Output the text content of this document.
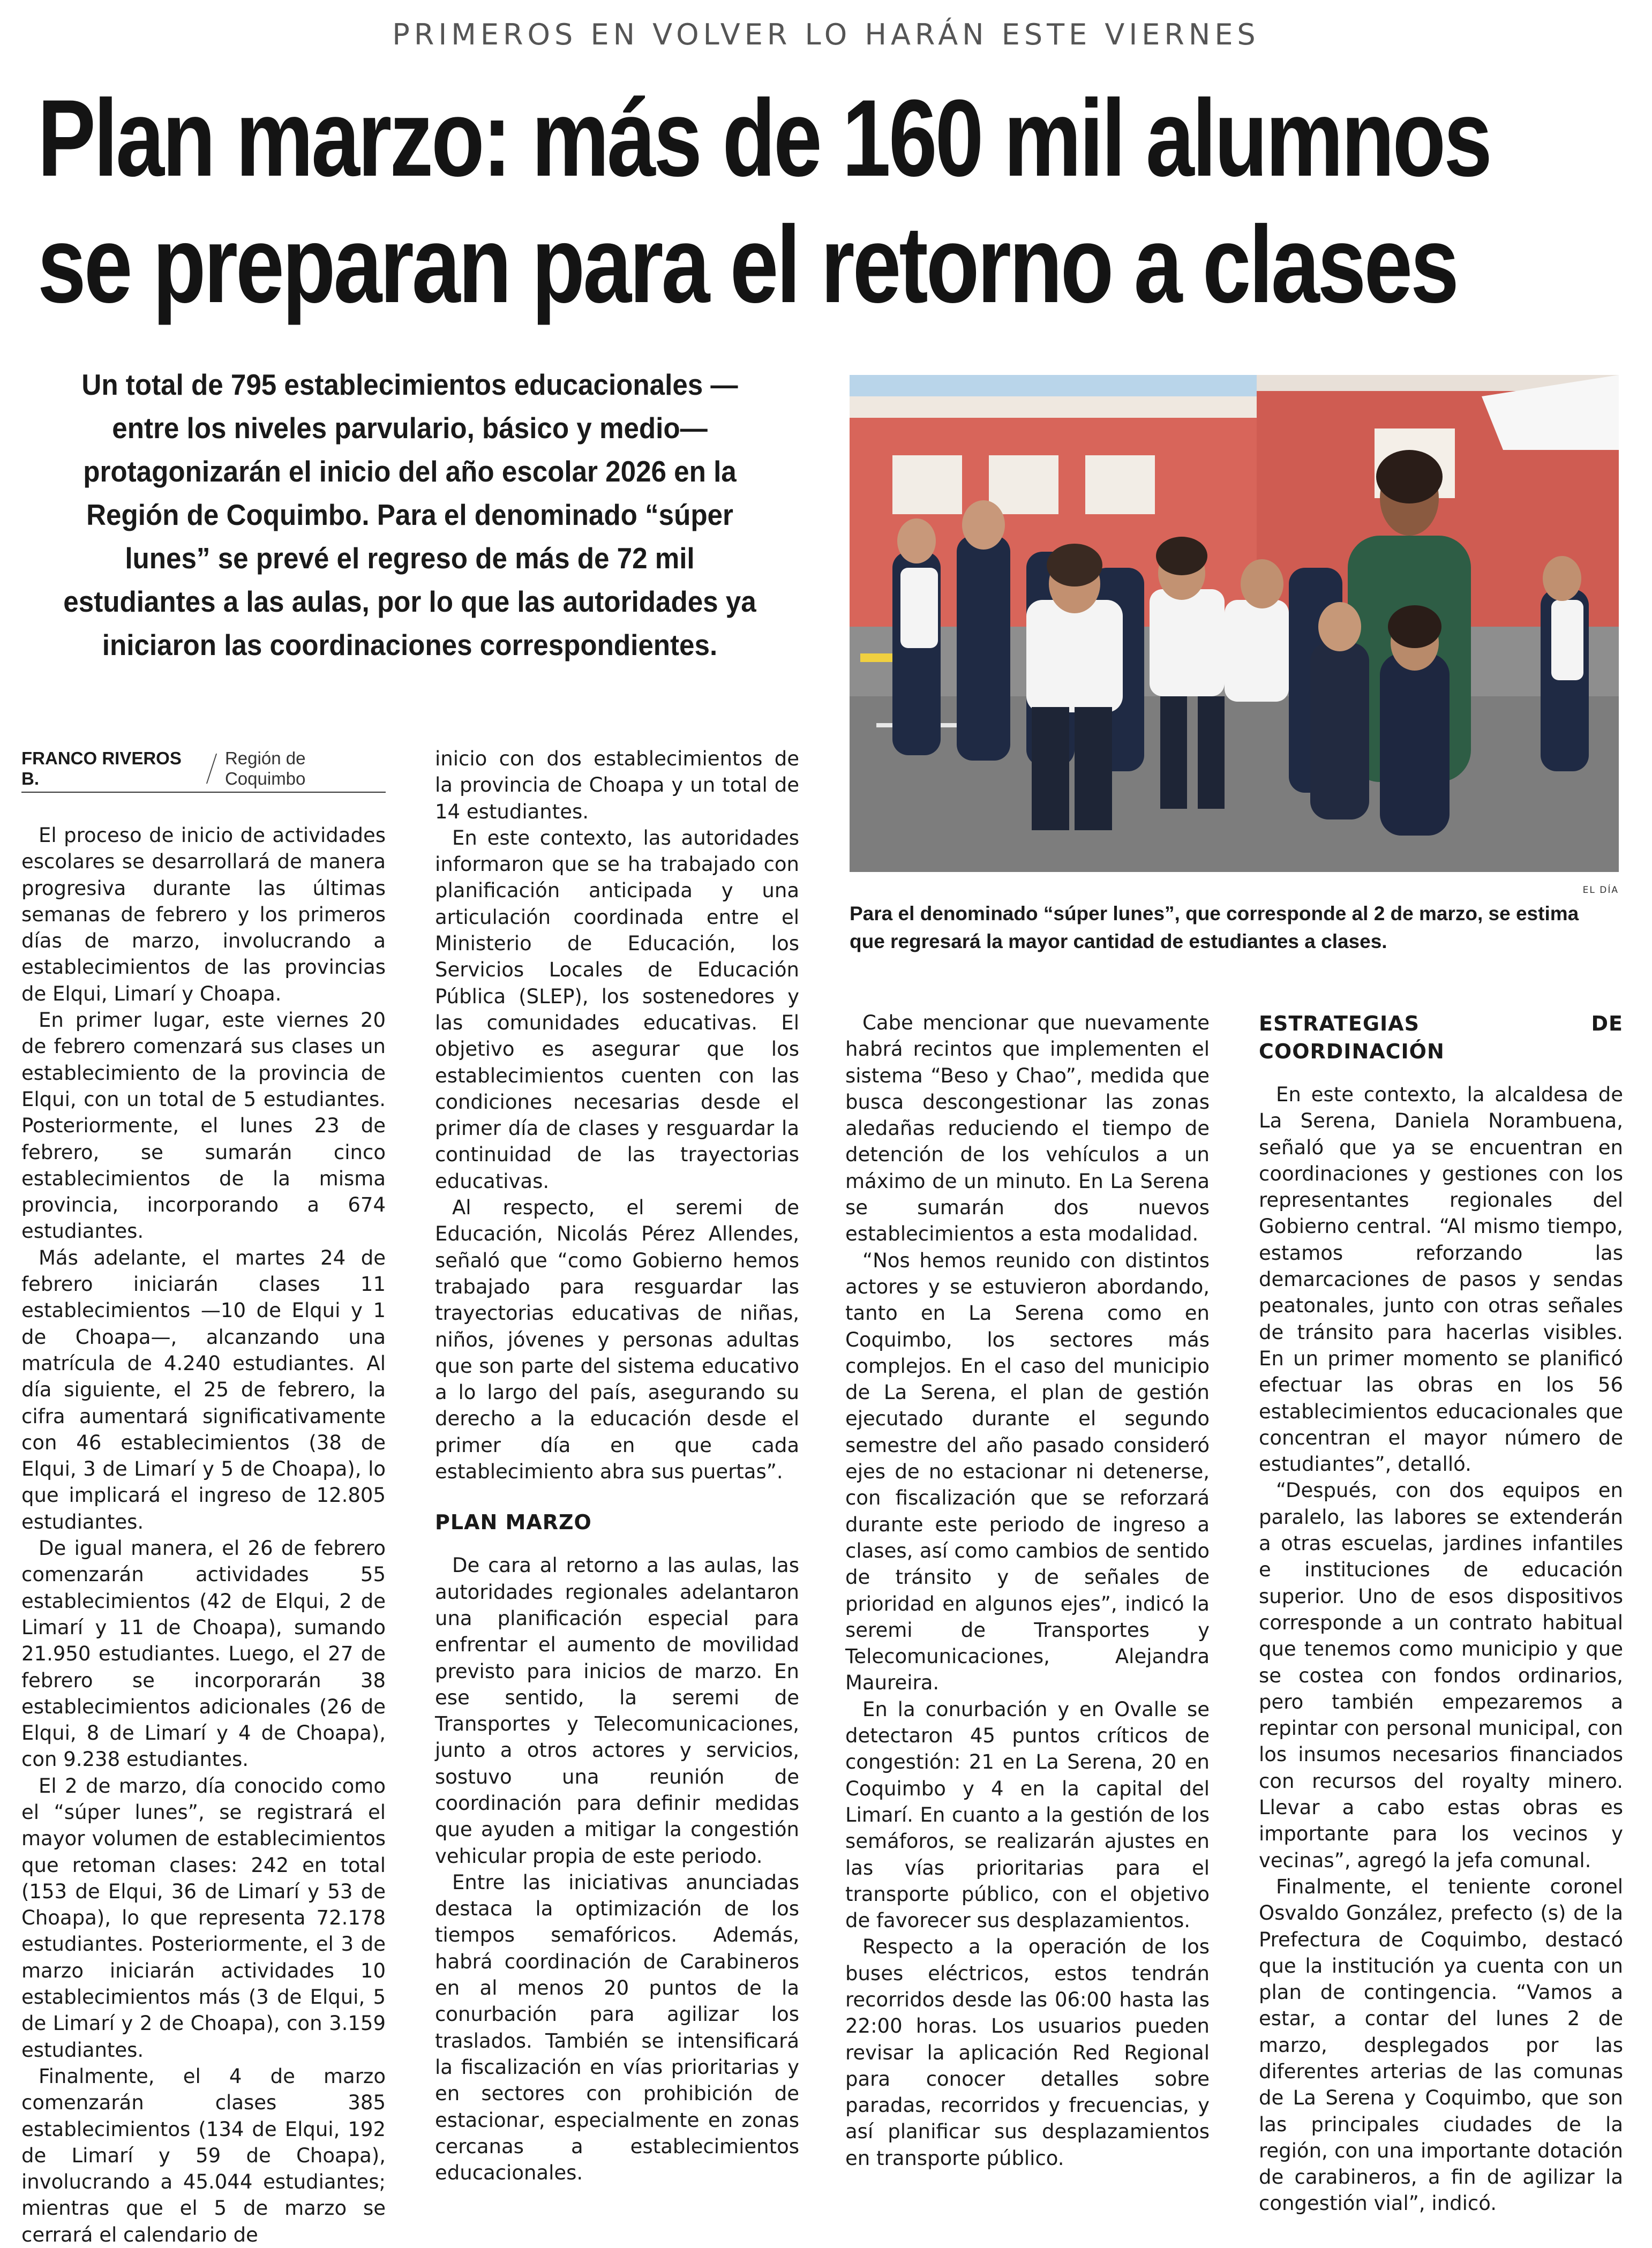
PRIMEROS EN VOLVER LO HARÁN ESTE VIERNES
Plan marzo: más de 160 mil alumnos
se preparan para el retorno a clases

Un total de 795 establecimientos educacionales —entre los niveles parvulario, básico y medio— protagonizarán el inicio del año escolar 2026 en la Región de Coquimbo. Para el denominado “súper lunes” se prevé el regreso de más de 72 mil estudiantes a las aulas, por lo que las autoridades ya iniciaron las coordinaciones correspondientes.

EL DÍA

Para el denominado “súper lunes”, que corresponde al 2 de marzo, se estima que regresará la mayor cantidad de estudiantes a clases.

FRANCO RIVEROS B.
Región de Coquimbo

El proceso de inicio de actividades escolares se desarrollará de manera progresiva durante las últimas semanas de febrero y los primeros días de marzo, involucrando a establecimientos de las provincias de Elqui, Limarí y Choapa.

En primer lugar, este viernes 20 de febrero comenzará sus clases un establecimiento de la provincia de Elqui, con un total de 5 estudiantes. Posteriormente, el lunes 23 de febrero, se sumarán cinco establecimientos de la misma provincia, incorporando a 674 estudiantes.

Más adelante, el martes 24 de febrero iniciarán clases 11 establecimientos —10 de Elqui y 1 de Choapa—, alcanzando una matrícula de 4.240 estudiantes. Al día siguiente, el 25 de febrero, la cifra aumentará significativamente con 46 establecimientos (38 de Elqui, 3 de Limarí y 5 de Choapa), lo que implicará el ingreso de 12.805 estudiantes.

De igual manera, el 26 de febrero comenzarán actividades 55 establecimientos (42 de Elqui, 2 de Limarí y 11 de Choapa), sumando 21.950 estudiantes. Luego, el 27 de febrero se incorporarán 38 establecimientos adicionales (26 de Elqui, 8 de Limarí y 4 de Choapa), con 9.238 estudiantes.

El 2 de marzo, día conocido como el “súper lunes”, se registrará el mayor volumen de establecimientos que retoman clases: 242 en total (153 de Elqui, 36 de Limarí y 53 de Choapa), lo que representa 72.178 estudiantes. Posteriormente, el 3 de marzo iniciarán actividades 10 establecimientos más (3 de Elqui, 5 de Limarí y 2 de Choapa), con 3.159 estudiantes.

Finalmente, el 4 de marzo comenzarán clases 385 establecimientos (134 de Elqui, 192 de Limarí y 59 de Choapa), involucrando a 45.044 estudiantes; mientras que el 5 de marzo se cerrará el calendario de

inicio con dos establecimientos de la provincia de Choapa y un total de 14 estudiantes.

En este contexto, las autoridades informaron que se ha trabajado con planificación anticipada y una articulación coordinada entre el Ministerio de Educación, los Servicios Locales de Educación Pública (SLEP), los sostenedores y las comunidades educativas. El objetivo es asegurar que los establecimientos cuenten con las condiciones necesarias desde el primer día de clases y resguardar la continuidad de las trayectorias educativas.

Al respecto, el seremi de Educación, Nicolás Pérez Allendes, señaló que “como Gobierno hemos trabajado para resguardar las trayectorias educativas de niñas, niños, jóvenes y personas adultas que son parte del sistema educativo a lo largo del país, asegurando su derecho a la educación desde el primer día en que cada establecimiento abra sus puertas”.

PLAN MARZO

De cara al retorno a las aulas, las autoridades regionales adelantaron una planificación especial para enfrentar el aumento de movilidad previsto para inicios de marzo. En ese sentido, la seremi de Transportes y Telecomunicaciones, junto a otros actores y servicios, sostuvo una reunión de coordinación para definir medidas que ayuden a mitigar la congestión vehicular propia de este periodo.

Entre las iniciativas anunciadas destaca la optimización de los tiempos semafóricos. Además, habrá coordinación de Carabineros en al menos 20 puntos de la conurbación para agilizar los traslados. También se intensificará la fiscalización en vías prioritarias y en sectores con prohibición de estacionar, especialmente en zonas cercanas a establecimientos educacionales.

Cabe mencionar que nuevamente habrá recintos que implementen el sistema “Beso y Chao”, medida que busca descongestionar las zonas aledañas reduciendo el tiempo de detención de los vehículos a un máximo de un minuto. En La Serena se sumarán dos nuevos establecimientos a esta modalidad.

“Nos hemos reunido con distintos actores y se estuvieron abordando, tanto en La Serena como en Coquimbo, los sectores más complejos. En el caso del municipio de La Serena, el plan de gestión ejecutado durante el segundo semestre del año pasado consideró ejes de no estacionar ni detenerse, con fiscalización que se reforzará durante este periodo de ingreso a clases, así como cambios de sentido de tránsito y de señales de prioridad en algunos ejes”, indicó la seremi de Transportes y Telecomunicaciones, Alejandra Maureira.

En la conurbación y en Ovalle se detectaron 45 puntos críticos de congestión: 21 en La Serena, 20 en Coquimbo y 4 en la capital del Limarí. En cuanto a la gestión de los semáforos, se realizarán ajustes en las vías prioritarias para el transporte público, con el objetivo de favorecer sus desplazamientos.

Respecto a la operación de los buses eléctricos, estos tendrán recorridos desde las 06:00 hasta las 22:00 horas. Los usuarios pueden revisar la aplicación Red Regional para conocer detalles sobre paradas, recorridos y frecuencias, y así planificar sus desplazamientos en transporte público.

ESTRATEGIAS DE COORDINACIÓN

En este contexto, la alcaldesa de La Serena, Daniela Norambuena, señaló que ya se encuentran en coordinaciones y gestiones con los representantes regionales del Gobierno central. “Al mismo tiempo, estamos reforzando las demarcaciones de pasos y sendas peatonales, junto con otras señales de tránsito para hacerlas visibles. En un primer momento se planificó efectuar las obras en los 56 establecimientos educacionales que concentran el mayor número de estudiantes”, detalló.

“Después, con dos equipos en paralelo, las labores se extenderán a otras escuelas, jardines infantiles e instituciones de educación superior. Uno de esos dispositivos corresponde a un contrato habitual que tenemos como municipio y que se costea con fondos ordinarios, pero también empezaremos a repintar con personal municipal, con los insumos necesarios financiados con recursos del royalty minero. Llevar a cabo estas obras es importante para los vecinos y vecinas”, agregó la jefa comunal.

Finalmente, el teniente coronel Osvaldo González, prefecto (s) de la Prefectura de Coquimbo, destacó que la institución ya cuenta con un plan de contingencia. “Vamos a estar, a contar del lunes 2 de marzo, desplegados por las diferentes arterias de las comunas de La Serena y Coquimbo, que son las principales ciudades de la región, con una importante dotación de carabineros, a fin de agilizar la congestión vial”, indicó.
